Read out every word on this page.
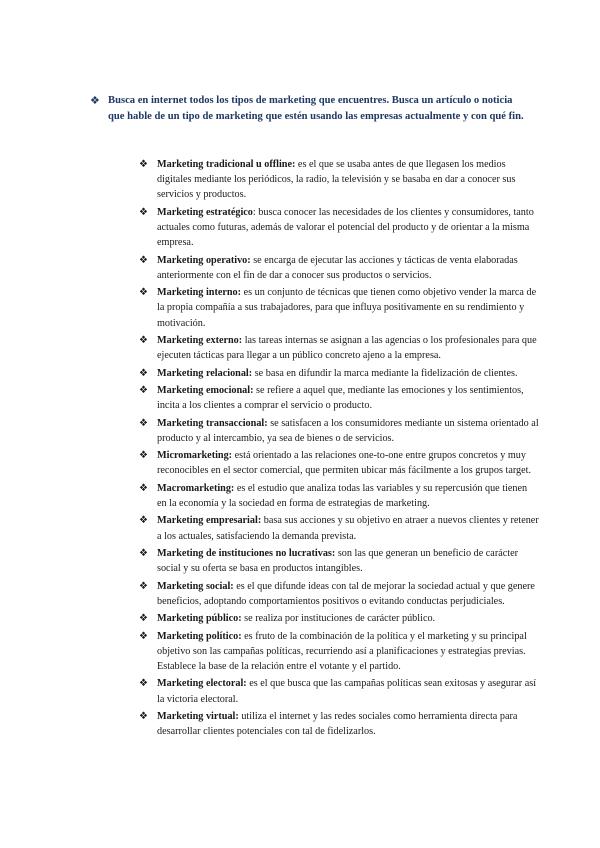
❖ Busca en internet todos los tipos de marketing que encuentres. Busca un artículo o noticia que hable de un tipo de marketing que estén usando las empresas actualmente y con qué fin.
❖ Marketing tradicional u offline: es el que se usaba antes de que llegasen los medios digitales mediante los periódicos, la radio, la televisión y se basaba en dar a conocer sus servicios y productos.
❖ Marketing estratégico: busca conocer las necesidades de los clientes y consumidores, tanto actuales como futuras, además de valorar el potencial del producto y de orientar a la misma empresa.
❖ Marketing operativo: se encarga de ejecutar las acciones y tácticas de venta elaboradas anteriormente con el fin de dar a conocer sus productos o servicios.
❖ Marketing interno: es un conjunto de técnicas que tienen como objetivo vender la marca de la propia compañía a sus trabajadores, para que influya positivamente en su rendimiento y motivación.
❖ Marketing externo: las tareas internas se asignan a las agencias o los profesionales para que ejecuten tácticas para llegar a un público concreto ajeno a la empresa.
❖ Marketing relacional: se basa en difundir la marca mediante la fidelización de clientes.
❖ Marketing emocional: se refiere a aquel que, mediante las emociones y los sentimientos, incita a los clientes a comprar el servicio o producto.
❖ Marketing transaccional: se satisfacen a los consumidores mediante un sistema orientado al producto y al intercambio, ya sea de bienes o de servicios.
❖ Micromarketing: está orientado a las relaciones one-to-one entre grupos concretos y muy reconocibles en el sector comercial, que permiten ubicar más fácilmente a los grupos target.
❖ Macromarketing: es el estudio que analiza todas las variables y su repercusión que tienen en la economía y la sociedad en forma de estrategias de marketing.
❖ Marketing empresarial: basa sus acciones y su objetivo en atraer a nuevos clientes y retener a los actuales, satisfaciendo la demanda prevista.
❖ Marketing de instituciones no lucrativas: son las que generan un beneficio de carácter social y su oferta se basa en productos intangibles.
❖ Marketing social: es el que difunde ideas con tal de mejorar la sociedad actual y que genere beneficios, adoptando comportamientos positivos o evitando conductas perjudiciales.
❖ Marketing público: se realiza por instituciones de carácter público.
❖ Marketing político: es fruto de la combinación de la política y el marketing y su principal objetivo son las campañas políticas, recurriendo así a planificaciones y estrategias previas. Establece la base de la relación entre el votante y el partido.
❖ Marketing electoral: es el que busca que las campañas políticas sean exitosas y asegurar así la victoria electoral.
❖ Marketing virtual: utiliza el internet y las redes sociales como herramienta directa para desarrollar clientes potenciales con tal de fidelizarlos.
